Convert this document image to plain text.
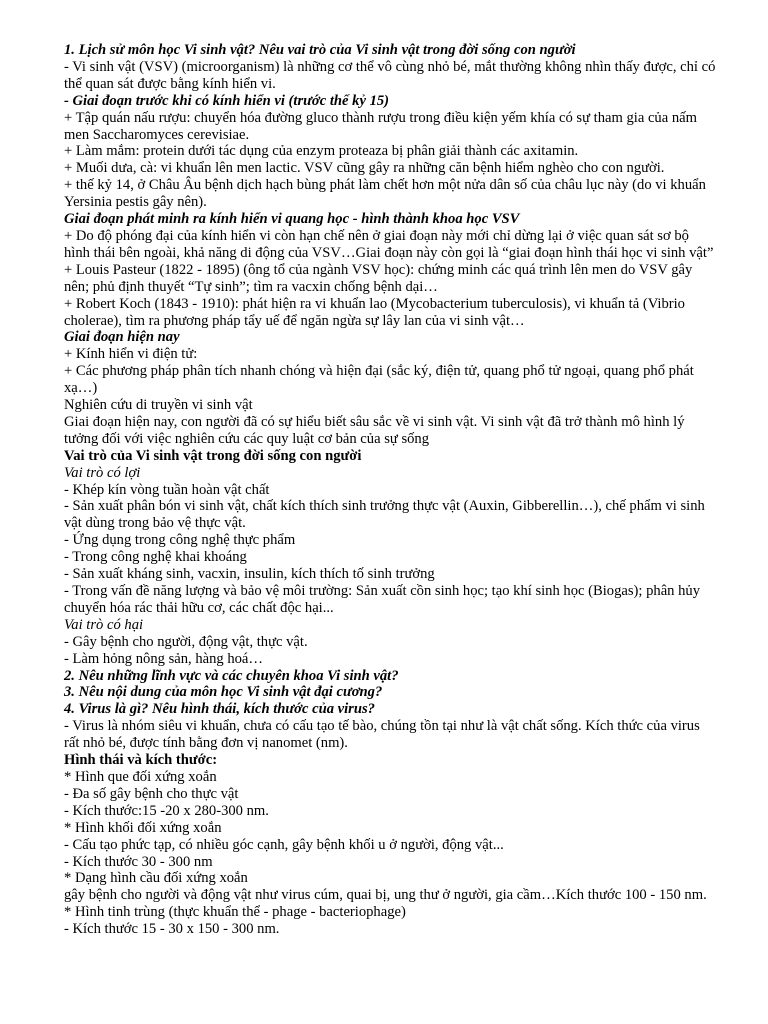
1. Lịch sử môn học Vi sinh vật? Nêu vai trò của Vi sinh vật trong đời sống con người

- Vi sinh vật (VSV) (microorganism) là những cơ thể vô cùng nhỏ bé, mắt thường không nhìn thấy được, chỉ có thể quan sát được bằng kính hiển vi.

- Giai đoạn trước khi có kính hiển vi (trước thế kỷ 15)

+ Tập quán nấu rượu: chuyển hóa đường gluco thành rượu trong điều kiện yếm khía có sự tham gia của nấm men Saccharomyces cerevisiae.

+ Làm mắm: protein dưới tác dụng của enzym proteaza bị phân giải thành các axitamin.

+ Muối dưa, cà: vi khuẩn lên men lactic. VSV cũng gây ra những căn bệnh hiểm nghèo cho con người.

+ thế kỷ 14, ở Châu Âu bệnh dịch hạch bùng phát làm chết hơn một nửa dân số của châu lục này (do vi khuẩn Yersinia pestis gây nên).

Giai đoạn phát minh ra kính hiển vi quang học - hình thành khoa học VSV

+ Do độ phóng đại của kính hiển vi còn hạn chế nên ở giai đoạn này mới chỉ dừng lại ở việc quan sát sơ bộ hình thái bên ngoài, khả năng di động của VSV…Giai đoạn này còn gọi là “giai đoạn hình thái học vi sinh vật”

+ Louis Pasteur (1822 - 1895) (ông tổ của ngành VSV học): chứng minh các quá trình lên men do VSV gây nên; phủ định thuyết “Tự sinh”; tìm ra vacxin chống bệnh dại…

+ Robert Koch (1843 - 1910): phát hiện ra vi khuẩn lao (Mycobacterium tuberculosis), vi khuẩn tả (Vibrio cholerae), tìm ra phương pháp tẩy uế để ngăn ngừa sự lây lan của vi sinh vật…

Giai đoạn hiện nay

+ Kính hiển vi điện tử:

+ Các phương pháp phân tích nhanh chóng và hiện đại (sắc ký, điện tử, quang phổ tử ngoại, quang phổ phát xạ…)

Nghiên cứu di truyền vi sinh vật

Giai đoạn hiện nay, con người đã có sự hiểu biết sâu sắc về vi sinh vật. Vi sinh vật đã trở thành mô hình lý tưởng đối với việc nghiên cứu các quy luật cơ bản của sự sống

Vai trò của Vi sinh vật trong đời sống con người

Vai trò có lợi

- Khép kín vòng tuần hoàn vật chất

- Sản xuất phân bón vi sinh vật, chất kích thích sinh trưởng thực vật (Auxin, Gibberellin…), chế phẩm vi sinh vật dùng trong bảo vệ thực vật.

- Ứng dụng trong công nghệ thực phẩm

- Trong công nghệ khai khoáng

- Sản xuất kháng sinh, vacxin, insulin, kích thích tố sinh trưởng

- Trong vấn đề năng lượng và bảo vệ môi trường: Sản xuất cồn sinh học; tạo khí sinh học (Biogas); phân hủy chuyển hóa rác thải hữu cơ, các chất độc hại...

Vai trò có hại

- Gây bệnh cho người, động vật, thực vật.

- Làm hỏng nông sản, hàng hoá…

2. Nêu những lĩnh vực và các chuyên khoa Vi sinh vật?

3. Nêu nội dung của môn học Vi sinh vật đại cương?

4. Virus là gì? Nêu hình thái, kích thước của virus?

- Virus là nhóm siêu vi khuẩn, chưa có cấu tạo tế bào, chúng tồn tại như là vật chất sống. Kích thức của virus rất nhỏ bé, được tính bằng đơn vị nanomet (nm).

Hình thái và kích thước:

* Hình que đối xứng xoắn

- Đa số gây bệnh cho thực vật

- Kích thước:15 -20 x 280-300 nm.

* Hình khối đối xứng xoắn

- Cấu tạo phức tạp, có nhiều góc cạnh, gây bệnh khối u ở người, động vật...

- Kích thước 30 - 300 nm

* Dạng hình cầu đối xứng xoắn

gây bệnh cho người và động vật như virus cúm, quai bị, ung thư ở người, gia cầm…Kích thước 100 - 150 nm.

* Hình tinh trùng (thực khuẩn thể - phage - bacteriophage)

- Kích thước 15 - 30 x 150 - 300 nm.
